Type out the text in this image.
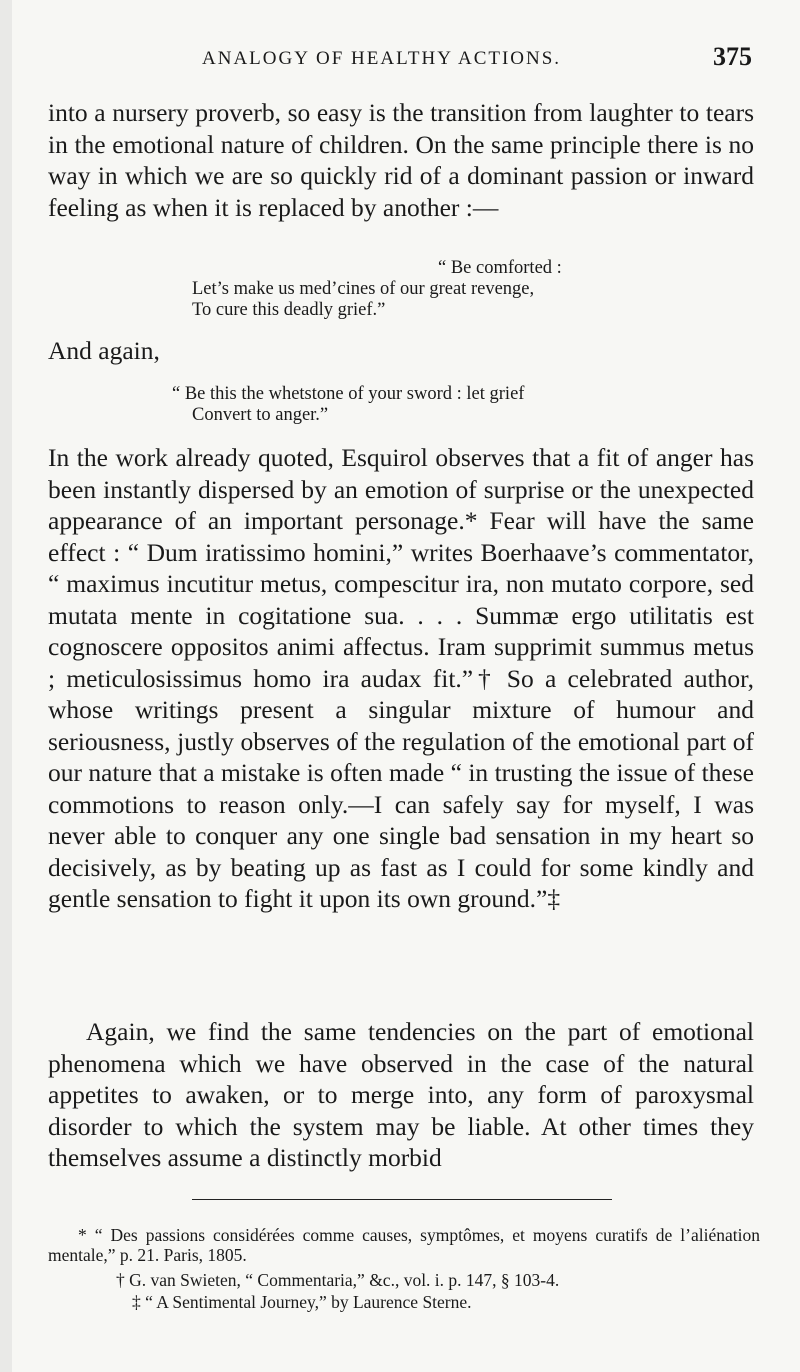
ANALOGY OF HEALTHY ACTIONS.	375
into a nursery proverb, so easy is the transition from laughter to tears in the emotional nature of children. On the same principle there is no way in which we are so quickly rid of a dominant passion or inward feeling as when it is replaced by another :—
“ Be comforted :
Let’s make us med’cines of our great revenge,
To cure this deadly grief.”
And again,
“ Be this the whetstone of your sword : let grief
Convert to anger.”
In the work already quoted, Esquirol observes that a fit of anger has been instantly dispersed by an emotion of surprise or the unexpected appearance of an important personage.* Fear will have the same effect : “ Dum iratissimo homini,” writes Boerhaave’s commentator, “ maximus incutitur metus, compescitur ira, non mutato corpore, sed mutata mente in cogitatione sua. . . . Summæ ergo utilitatis est cognoscere oppositos animi affectus. Iram supprimit summus metus ; meticulosissimus homo ira audax fit.”† So a celebrated author, whose writings present a singular mixture of humour and seriousness, justly observes of the regulation of the emotional part of our nature that a mistake is often made “ in trusting the issue of these commotions to reason only.—I can safely say for myself, I was never able to conquer any one single bad sensation in my heart so decisively, as by beating up as fast as I could for some kindly and gentle sensation to fight it upon its own ground.”‡
Again, we find the same tendencies on the part of emotional phenomena which we have observed in the case of the natural appetites to awaken, or to merge into, any form of paroxysmal disorder to which the system may be liable. At other times they themselves assume a distinctly morbid
* “ Des passions considérées comme causes, symptômes, et moyens curatifs de l’aliénation mentale,” p. 21. Paris, 1805.
† G. van Swieten, “ Commentaria,” &c., vol. i. p. 147, § 103-4.
‡ “ A Sentimental Journey,” by Laurence Sterne.
